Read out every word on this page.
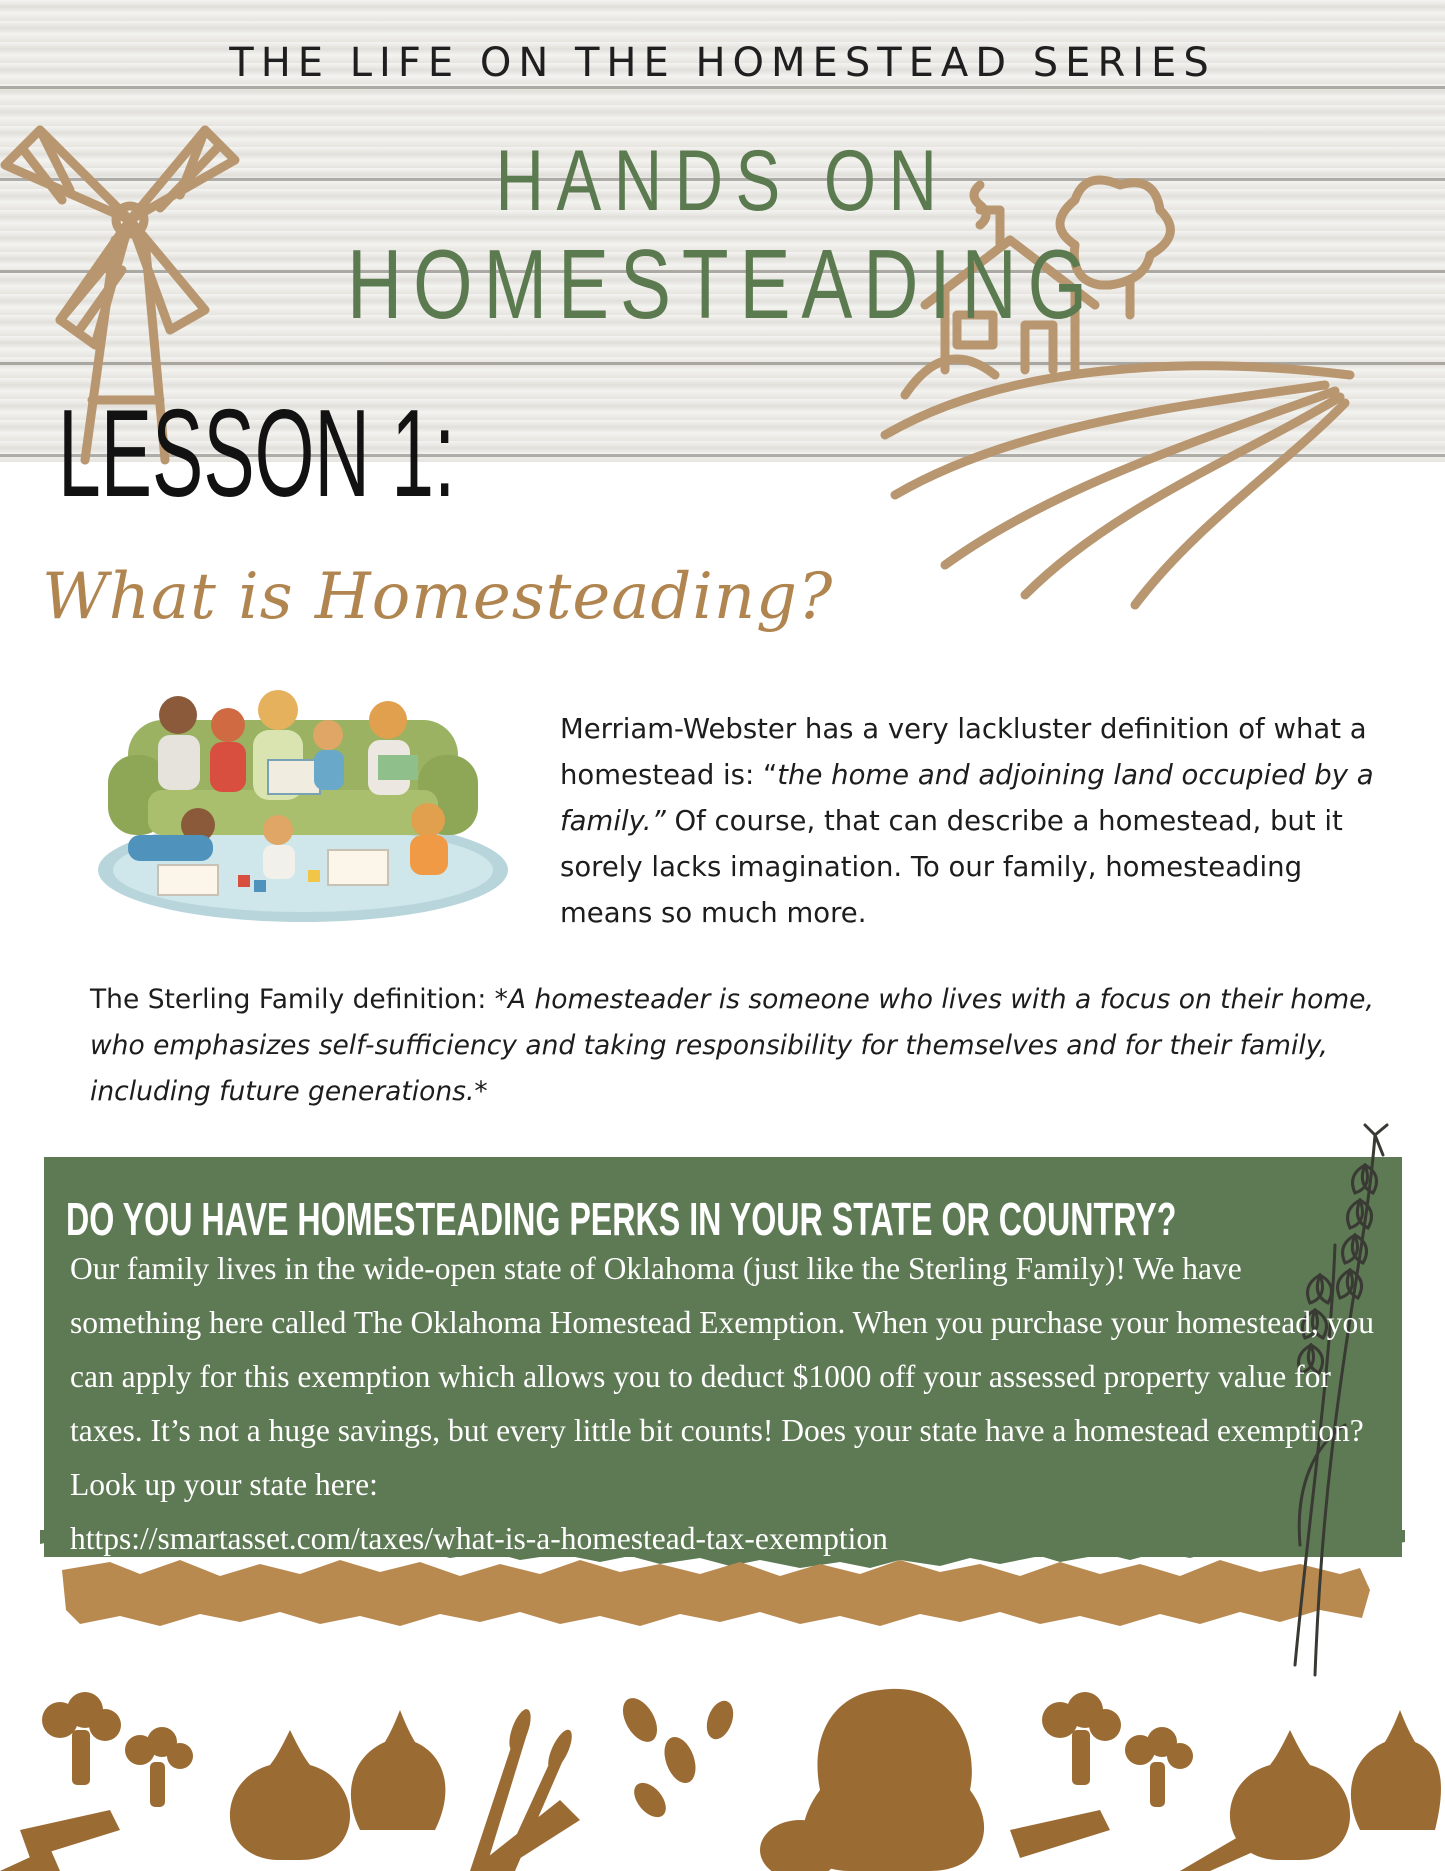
THE LIFE ON THE HOMESTEAD SERIES
HANDS ON
HOMESTEADING
LESSON 1:
What is Homesteading?
Merriam-Webster has a very lackluster definition of what a homestead is: “the home and adjoining land occupied by a family.” Of course, that can describe a homestead, but it sorely lacks imagination. To our family, homesteading means so much more.
The Sterling Family definition: *A homesteader is someone who lives with a focus on their home, who emphasizes self-sufficiency and taking responsibility for themselves and for their family, including future generations.*
DO YOU HAVE HOMESTEADING PERKS IN YOUR STATE OR COUNTRY?
Our family lives in the wide-open state of Oklahoma (just like the Sterling Family)! We have something here called The Oklahoma Homestead Exemption. When you purchase your homestead, you can apply for this exemption which allows you to deduct $1000 off your assessed property value for taxes. It’s not a huge savings, but every little bit counts! Does your state have a homestead exemption? Look up your state here:
https://smartasset.com/taxes/what-is-a-homestead-tax-exemption
